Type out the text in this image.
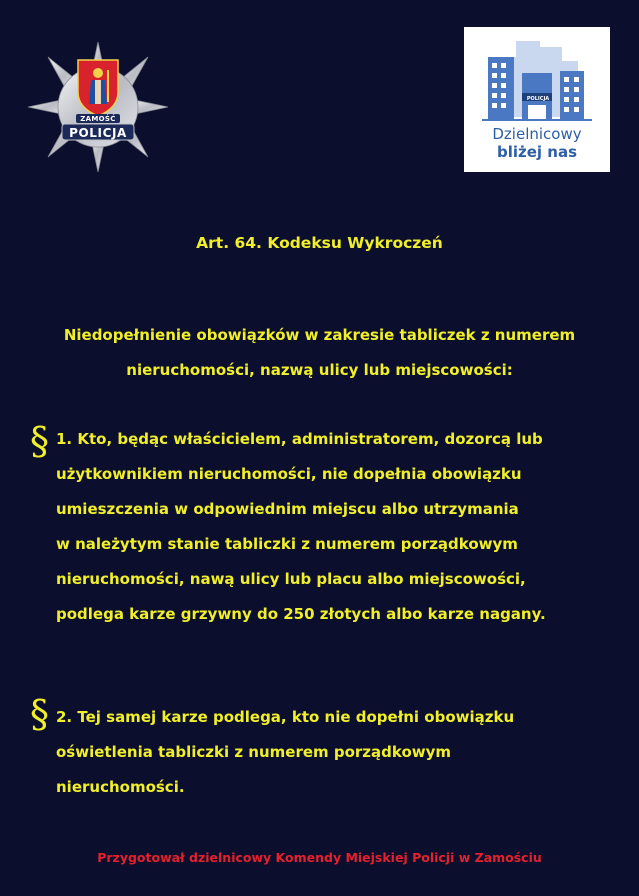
ZAMOŚĆ
POLICJA
POLICJA
Dzielnicowy
bliżej nas
Art. 64. Kodeksu Wykroczeń
Niedopełnienie obowiązków w zakresie tabliczek z numerem
nieruchomości, nazwą ulicy lub miejscowości:
§ 1. Kto, będąc właścicielem, administratorem, dozorcą lub
użytkownikiem nieruchomości, nie dopełnia obowiązku
umieszczenia w odpowiednim miejscu albo utrzymania
w należytym stanie tabliczki z numerem porządkowym
nieruchomości, nawą ulicy lub placu albo miejscowości,
podlega karze grzywny do 250 złotych albo karze nagany.
§ 2. Tej samej karze podlega, kto nie dopełni obowiązku
oświetlenia tabliczki z numerem porządkowym
nieruchomości.
Przygotował dzielnicowy Komendy Miejskiej Policji w Zamościu
